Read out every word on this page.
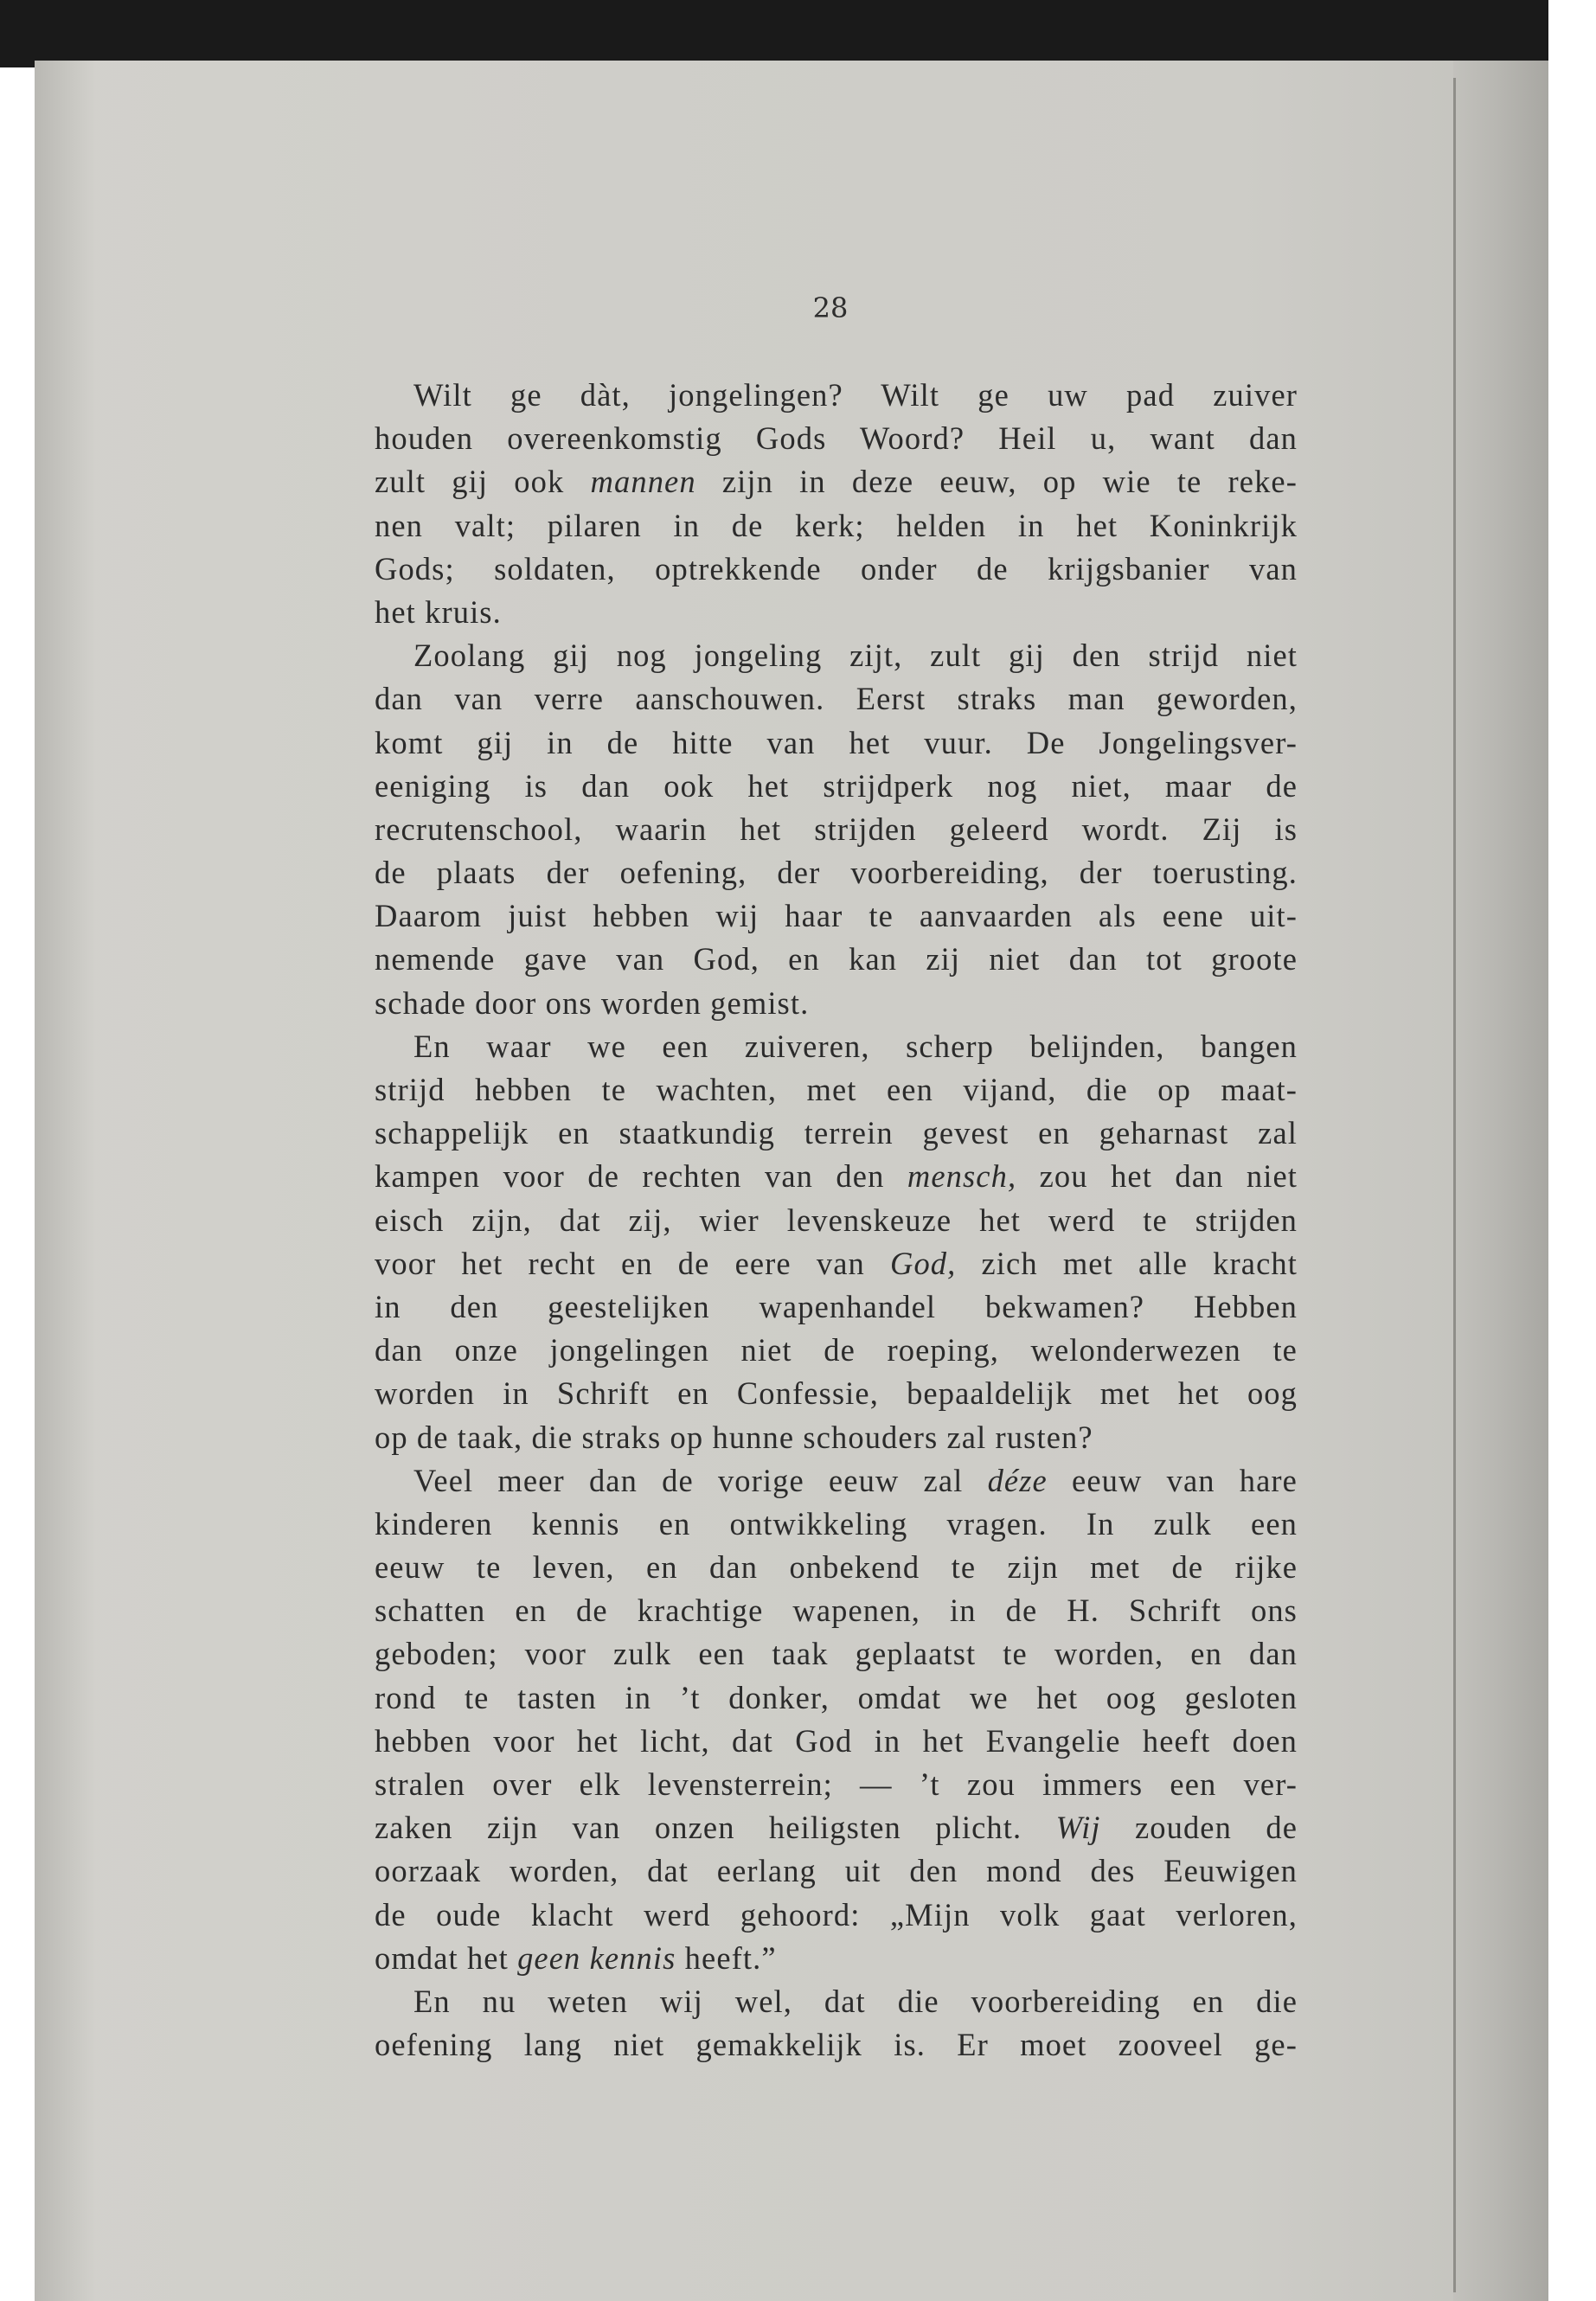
28
Wilt ge dàt, jongelingen? Wilt ge uw pad zuiver
houden overeenkomstig Gods Woord? Heil u, want dan
zult gij ook mannen zijn in deze eeuw, op wie te reke-
nen valt; pilaren in de kerk; helden in het Koninkrijk
Gods; soldaten, optrekkende onder de krijgsbanier van
het kruis.
Zoolang gij nog jongeling zijt, zult gij den strijd niet
dan van verre aanschouwen. Eerst straks man geworden,
komt gij in de hitte van het vuur. De Jongelingsver-
eeniging is dan ook het strijdperk nog niet, maar de
recrutenschool, waarin het strijden geleerd wordt. Zij is
de plaats der oefening, der voorbereiding, der toerusting.
Daarom juist hebben wij haar te aanvaarden als eene uit-
nemende gave van God, en kan zij niet dan tot groote
schade door ons worden gemist.
En waar we een zuiveren, scherp belijnden, bangen
strijd hebben te wachten, met een vijand, die op maat-
schappelijk en staatkundig terrein gevest en geharnast zal
kampen voor de rechten van den mensch, zou het dan niet
eisch zijn, dat zij, wier levenskeuze het werd te strijden
voor het recht en de eere van God, zich met alle kracht
in den geestelijken wapenhandel bekwamen? Hebben
dan onze jongelingen niet de roeping, welonderwezen te
worden in Schrift en Confessie, bepaaldelijk met het oog
op de taak, die straks op hunne schouders zal rusten?
Veel meer dan de vorige eeuw zal déze eeuw van hare
kinderen kennis en ontwikkeling vragen. In zulk een
eeuw te leven, en dan onbekend te zijn met de rijke
schatten en de krachtige wapenen, in de H. Schrift ons
geboden; voor zulk een taak geplaatst te worden, en dan
rond te tasten in ’t donker, omdat we het oog gesloten
hebben voor het licht, dat God in het Evangelie heeft doen
stralen over elk levensterrein; — ’t zou immers een ver-
zaken zijn van onzen heiligsten plicht. Wij zouden de
oorzaak worden, dat eerlang uit den mond des Eeuwigen
de oude klacht werd gehoord: „Mijn volk gaat verloren,
omdat het geen kennis heeft.”
En nu weten wij wel, dat die voorbereiding en die
oefening lang niet gemakkelijk is. Er moet zooveel ge-
